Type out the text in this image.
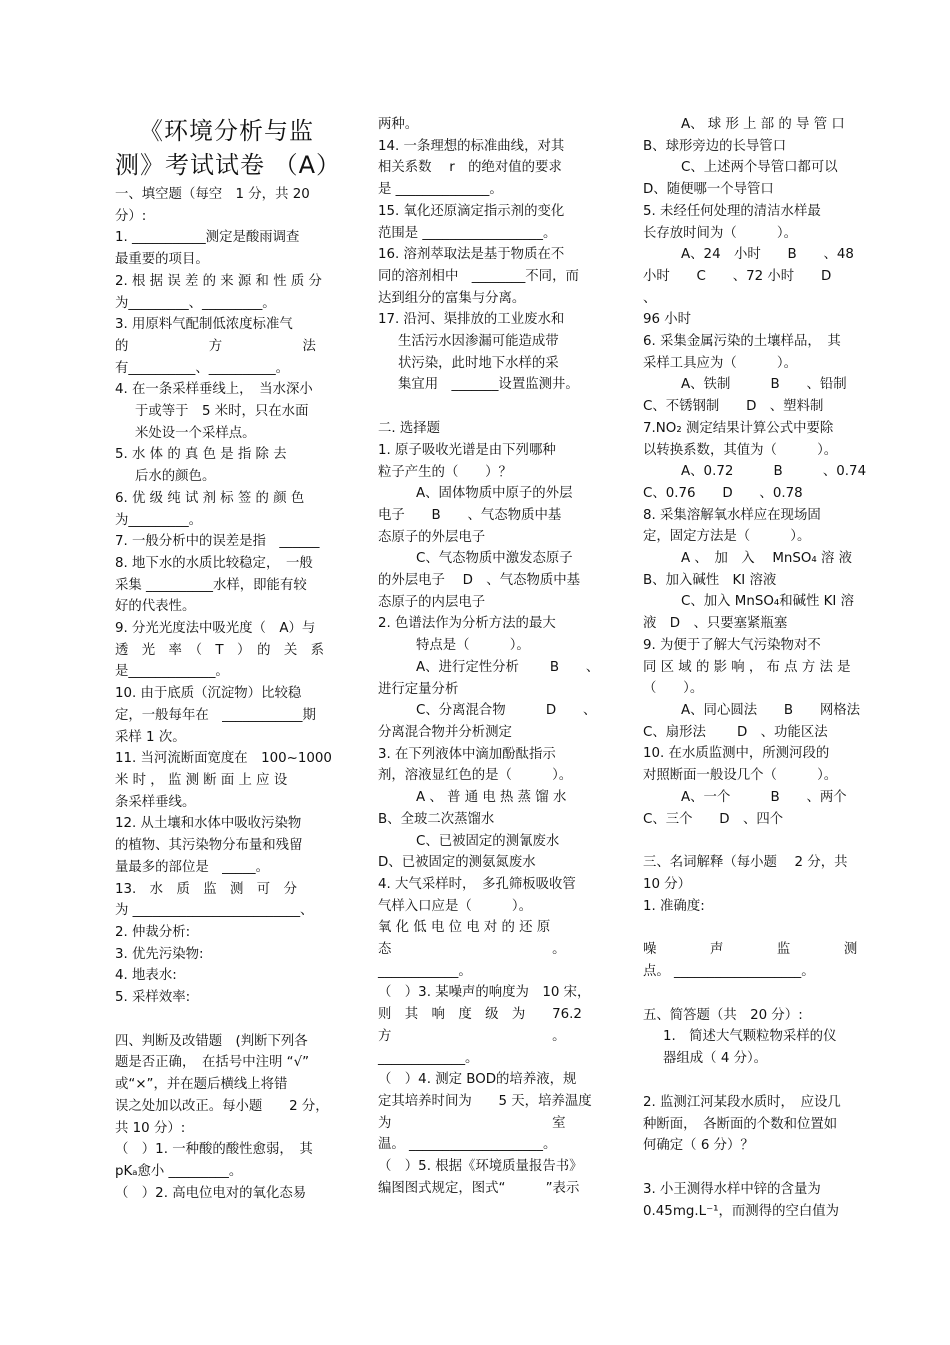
《环境分析与监
测》考试试卷 （A）

一、填空题（每空　1 分，共 20

分）:

1. ___________测定是酸雨调查

最重要的项目。

2. 根 据 误 差 的 来 源 和 性 质 分

为_________、_________。

3. 用原料气配制低浓度标准气

的　　　　　　方　　　　　　法

有__________、__________。

4. 在一条采样垂线上，　当水深小

于或等于　5 米时，只在水面

米处设一个采样点。

5. 水 体 的 真 色 是 指 除 去

后水的颜色。

6. 优 级 纯 试 剂 标 签 的 颜 色

为_________。

7. 一般分析中的误差是指　______

8. 地下水的水质比较稳定，　一般

采集 __________水样，即能有较

好的代表性。

9. 分光光度法中吸光度（　A）与

透　光　率　（　T　）　的　关　系

是_____________。

10. 由于底质（沉淀物）比较稳

定，一般每年在　____________期

采样 1 次。

11. 当河流断面宽度在　100~1000

米 时 ， 监 测 断 面 上 应 设

条采样垂线。

12. 从土壤和水体中吸收污染物

的植物、其污染物分布量和残留

量最多的部位是　_____。

13.　水　质　监　测　可　分

为 _________________________、

2. 仲裁分析:

3. 优先污染物:

4. 地表水:

5. 采样效率:

四、判断及改错题　(判断下列各

题是否正确，　在括号中注明 “√”

或“×”，并在题后横线上将错

误之处加以改正。每小题　　2 分，

共 10 分）:

（　）1. 一种酸的酸性愈弱，　其

pKₐ愈小 _________。

（　）2. 高电位电对的氧化态易

两种。

14. 一条理想的标准曲线，对其

相关系数　 r　的绝对值的要求

是 ______________。

15. 氧化还原滴定指示剂的变化

范围是 __________________。

16. 溶剂萃取法是基于物质在不

同的溶剂相中　________不同，而

达到组分的富集与分离。

17. 沿河、渠排放的工业废水和

生活污水因渗漏可能造成带

状污染，此时地下水样的采

集宜用　_______设置监测井。

二. 选择题

1. 原子吸收光谱是由下列哪种

粒子产生的（　　）？

A、固体物质中原子的外层

电子　　B　　、气态物质中基

态原子的外层电子

C、气态物质中激发态原子

的外层电子　 D　、气态物质中基

态原子的内层电子

2. 色谱法作为分析方法的最大

特点是（　　　）。

A、进行定性分析　　 B　　、

进行定量分析

C、分离混合物　　　D　　、

分离混合物并分析测定

3. 在下列液体中滴加酚酞指示

剂，溶液显红色的是（　　　）。

A 、 普 通 电 热 蒸 馏 水

B、全玻二次蒸馏水

C、已被固定的测氰废水

D、已被固定的测氨氮废水

4. 大气采样时，　多孔筛板吸收管

气样入口应是（　　　）。

氧 化 低 电 位 电 对 的 还 原

态　　　　　　　　　　　　。

____________。

（　）3. 某噪声的响度为　10 宋，

则　其　响　度　级　为　　76.2

方　　　　　　　　　　　　。

_____________。

（　）4. 测定 BOD的培养液，规

定其培养时间为　　5 天，培养温度

为　　　　　　　　　　　　室

温。 ____________________。

（　）5. 根据《环境质量报告书》

编图图式规定，图式“　　　”表示

A、 球 形 上 部 的 导 管 口

B、球形旁边的长导管口

C、上述两个导管口都可以

D、随便哪一个导管口

5. 未经任何处理的清洁水样最

长存放时间为（　　　）。

A、24　小时　　B　　、48

小时　　C　　、72 小时　　D　　、

96 小时

6. 采集金属污染的土壤样品，　其

采样工具应为（　　　）。

A、铁制　　　B　　、铅制

C、不锈钢制　　D　、塑料制

7.NO₂ 测定结果计算公式中要除

以转换系数，其值为（　　　）。

A、0.72　　　B　　　、0.74

C、0.76　　D　　、0.78

8. 采集溶解氧水样应在现场固

定，固定方法是（　　　）。

A 、　加　入　 MnSO₄ 溶 液

B、加入碱性　KI 溶液

C、加入 MnSO₄和碱性 KI 溶

液　D　、只要塞紧瓶塞

9. 为便于了解大气污染物对不

同 区 域 的 影 响 ， 布 点 方 法 是

（　　）。

A、同心圆法　　B　　网格法

C、扇形法　　 D　、功能区法

10. 在水质监测中，所测河段的

对照断面一般设几个（　　　）。

A、一个　　　B　　、两个

C、三个　　D　、四个

三、名词解释（每小题　 2 分，共

10 分）

1. 准确度:

噪　　　　声　　　　监　　　　测

点。 ___________________。

五、简答题（共　20 分）:

1.　简述大气颗粒物采样的仪

器组成（ 4 分）。

2. 监测江河某段水质时，　应设几

种断面，　各断面的个数和位置如

何确定（ 6 分）？

3. 小王测得水样中锌的含量为

0.45mg.L⁻¹，而测得的空白值为
